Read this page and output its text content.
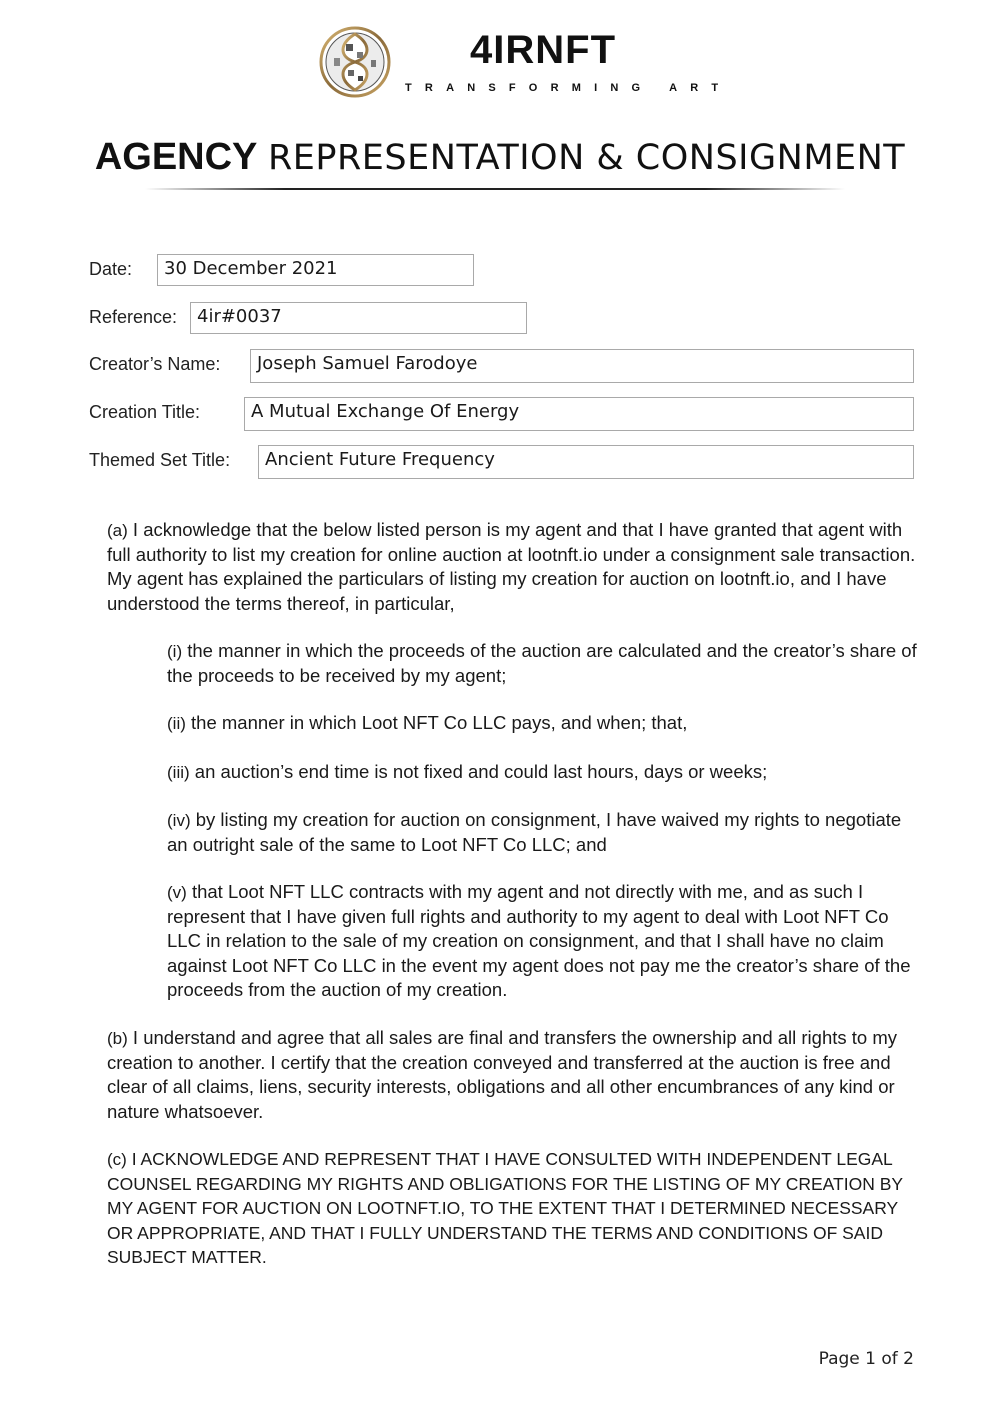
4IRNFT
TRANSFORMING ART
AGENCY REPRESENTATION & CONSIGNMENT
Date:	30 December 2021
Reference:	4ir#0037
Creator’s Name:	Joseph Samuel Farodoye
Creation Title:	A Mutual Exchange Of Energy
Themed Set Title:	Ancient Future Frequency

(a) I acknowledge that the below listed person is my agent and that I have granted that agent with full authority to list my creation for online auction at lootnft.io under a consignment sale transaction. My agent has explained the particulars of listing my creation for auction on lootnft.io, and I have understood the terms thereof, in particular,

(i) the manner in which the proceeds of the auction are calculated and the creator’s share of the proceeds to be received by my agent;

(ii) the manner in which Loot NFT Co LLC pays, and when; that,

(iii) an auction’s end time is not fixed and could last hours, days or weeks;

(iv) by listing my creation for auction on consignment, I have waived my rights to negotiate an outright sale of the same to Loot NFT Co LLC; and

(v) that Loot NFT LLC contracts with my agent and not directly with me, and as such I represent that I have given full rights and authority to my agent to deal with Loot NFT Co LLC in relation to the sale of my creation on consignment, and that I shall have no claim against Loot NFT Co LLC in the event my agent does not pay me the creator’s share of the proceeds from the auction of my creation.

(b) I understand and agree that all sales are final and transfers the ownership and all rights to my creation to another. I certify that the creation conveyed and transferred at the auction is free and clear of all claims, liens, security interests, obligations and all other encumbrances of any kind or nature whatsoever.

(c) I ACKNOWLEDGE AND REPRESENT THAT I HAVE CONSULTED WITH INDEPENDENT LEGAL COUNSEL REGARDING MY RIGHTS AND OBLIGATIONS FOR THE LISTING OF MY CREATION BY MY AGENT FOR AUCTION ON LOOTNFT.IO, TO THE EXTENT THAT I DETERMINED NECESSARY OR APPROPRIATE, AND THAT I FULLY UNDERSTAND THE TERMS AND CONDITIONS OF SAID SUBJECT MATTER.

Page 1 of 2
